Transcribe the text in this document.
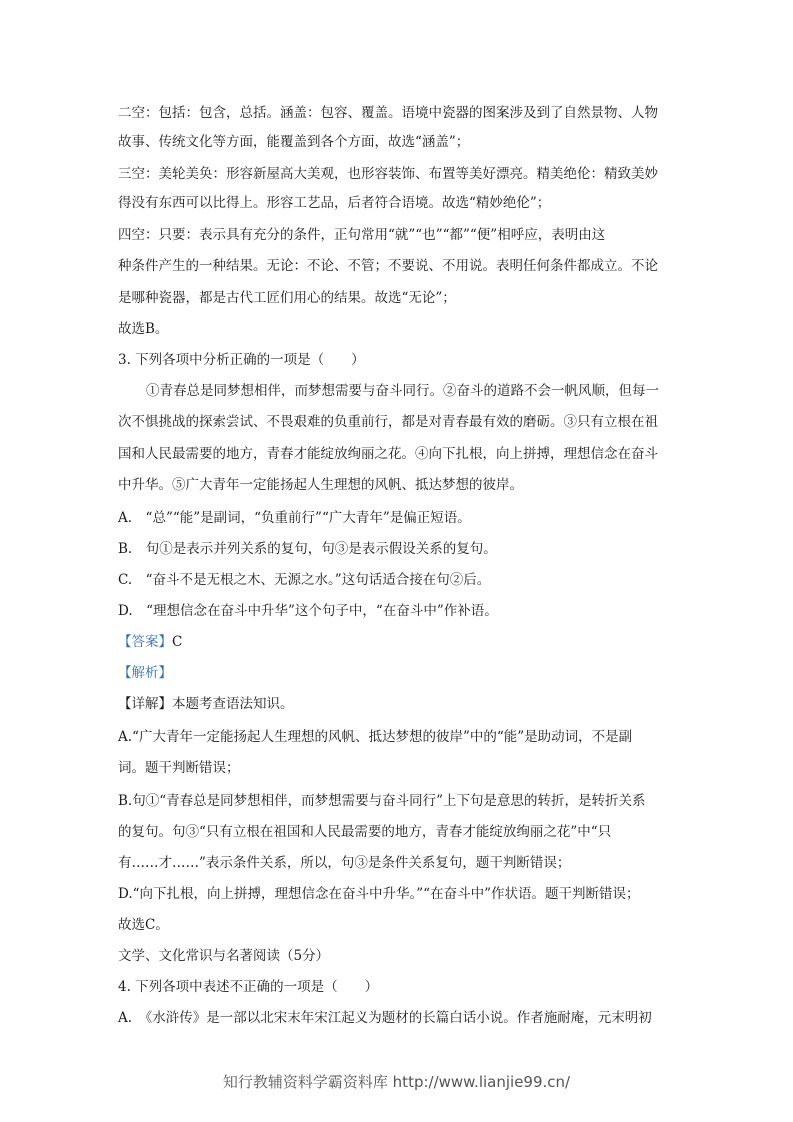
二空：包括：包含，总括。涵盖：包容、覆盖。语境中瓷器的图案涉及到了自然景物、人物
故事、传统文化等方面，能覆盖到各个方面，故选“涵盖”；
三空：美轮美奂：形容新屋高大美观，也形容装饰、布置等美好漂亮。精美绝伦：精致美妙
得没有东西可以比得上。形容工艺品，后者符合语境。故选“精妙绝伦”；
四空：只要：表示具有充分的条件，正句常用“就”“也”“都”“便”相呼应，表明由这
种条件产生的一种结果。无论：不论、不管；不要说、不用说。表明任何条件都成立。不论
是哪种瓷器，都是古代工匠们用心的结果。故选“无论”；
故选B。
3. 下列各项中分析正确的一项是（　　）
①青春总是同梦想相伴，而梦想需要与奋斗同行。②奋斗的道路不会一帆风顺，但每一
次不惧挑战的探索尝试、不畏艰难的负重前行，都是对青春最有效的磨砺。③只有立根在祖
国和人民最需要的地方，青春才能绽放绚丽之花。④向下扎根，向上拼搏，理想信念在奋斗
中升华。⑤广大青年一定能扬起人生理想的风帆、抵达梦想的彼岸。
A.　“总”“能”是副词，“负重前行”“广大青年”是偏正短语。
B.　句①是表示并列关系的复句，句③是表示假设关系的复句。
C.　“奋斗不是无根之木、无源之水。”这句话适合接在句②后。
D.　“理想信念在奋斗中升华”这个句子中，“在奋斗中”作补语。
【答案】C
【解析】
【详解】本题考查语法知识。
A.“广大青年一定能扬起人生理想的风帆、抵达梦想的彼岸”中的“能”是助动词，不是副
词。题干判断错误；
B.句①“青春总是同梦想相伴，而梦想需要与奋斗同行”上下句是意思的转折，是转折关系
的复句。句③“只有立根在祖国和人民最需要的地方，青春才能绽放绚丽之花”中“只
有……才……”表示条件关系，所以，句③是条件关系复句，题干判断错误；
D.“向下扎根，向上拼搏，理想信念在奋斗中升华。”“在奋斗中”作状语。题干判断错误；
故选C。
文学、文化常识与名著阅读（5分）
4. 下列各项中表述不正确的一项是（　　）
A.　《水浒传》是一部以北宋末年宋江起义为题材的长篇白话小说。作者施耐庵，元末明初
知行教辅资料学霸资料库 http://www.lianjie99.cn/
